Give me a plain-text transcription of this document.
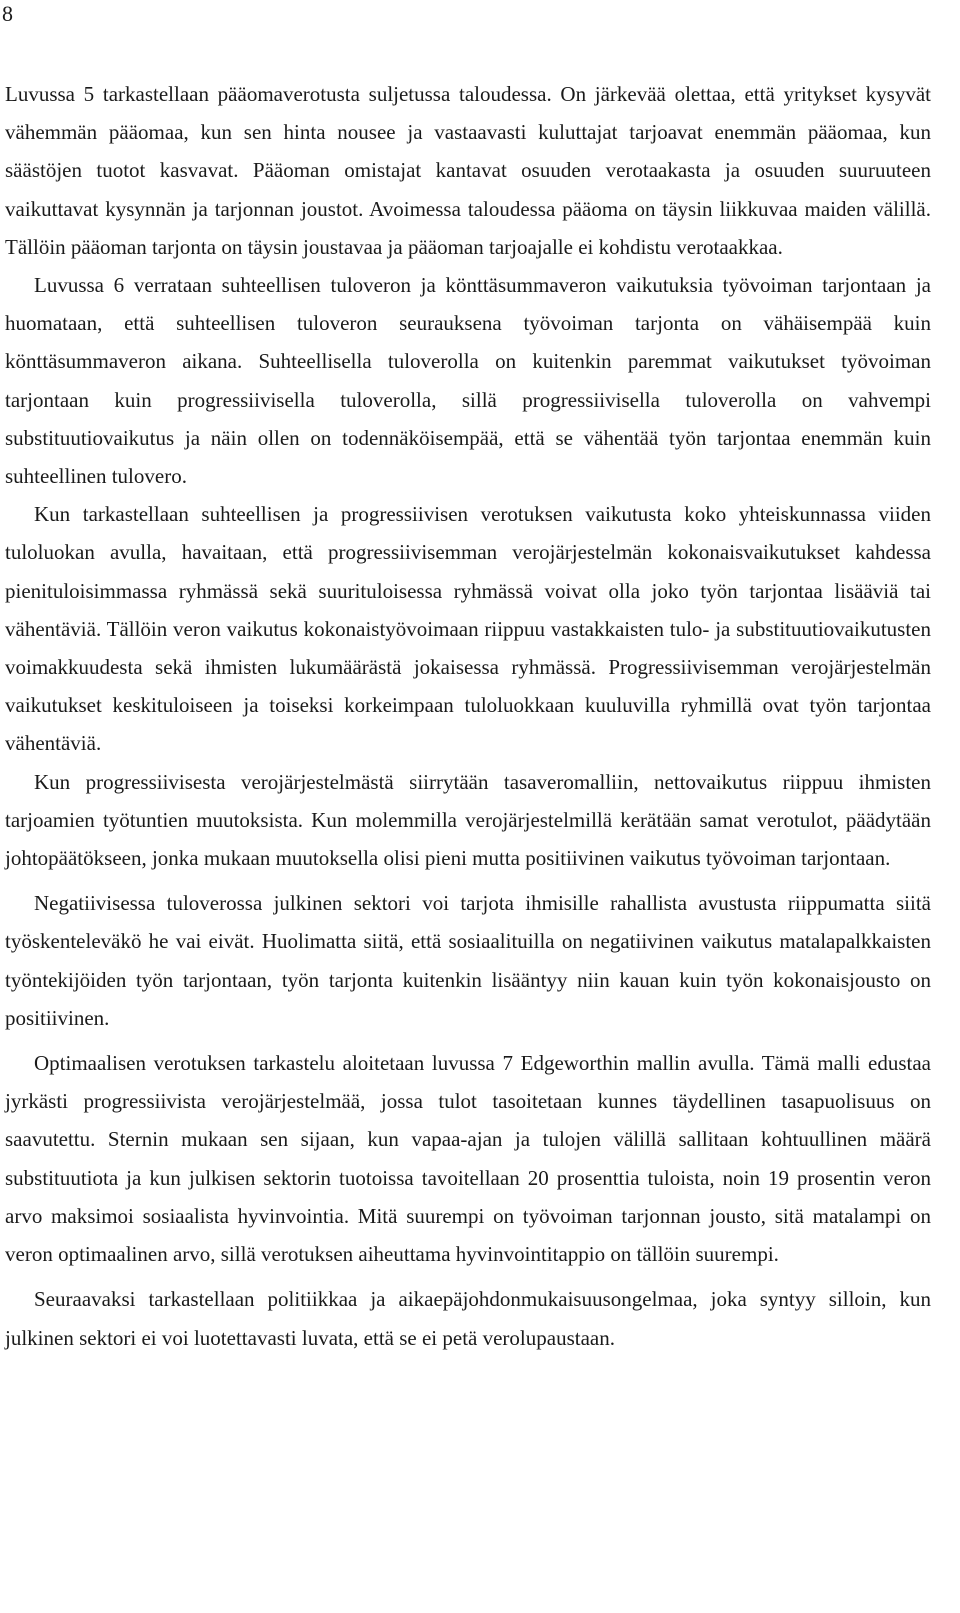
8

Luvussa 5 tarkastellaan pääomaverotusta suljetussa taloudessa. On järkevää olettaa, että yritykset kysyvät vähemmän pääomaa, kun sen hinta nousee ja vastaavasti kuluttajat tarjoavat enemmän pääomaa, kun säästöjen tuotot kasvavat. Pääoman omistajat kantavat osuuden verotaakasta ja osuuden suuruuteen vaikuttavat kysynnän ja tarjonnan joustot. Avoimessa taloudessa pääoma on täysin liikkuvaa maiden välillä. Tällöin pääoman tarjonta on täysin joustavaa ja pääoman tarjoajalle ei kohdistu verotaakkaa.

Luvussa 6 verrataan suhteellisen tuloveron ja könttäsummaveron vaikutuksia työvoiman tarjontaan ja huomataan, että suhteellisen tuloveron seurauksena työvoiman tarjonta on vähäisempää kuin könttäsummaveron aikana. Suhteellisella tuloverolla on kuitenkin paremmat vaikutukset työvoiman tarjontaan kuin progressiivisella tuloverolla, sillä progressiivisella tuloverolla on vahvempi substituutiovaikutus ja näin ollen on todennäköisempää, että se vähentää työn tarjontaa enemmän kuin suhteellinen tulovero.

Kun tarkastellaan suhteellisen ja progressiivisen verotuksen vaikutusta koko yhteiskunnassa viiden tuloluokan avulla, havaitaan, että progressiivisemman verojärjestelmän kokonaisvaikutukset kahdessa pienituloisimmassa ryhmässä sekä suurituloisessa ryhmässä voivat olla joko työn tarjontaa lisääviä tai vähentäviä. Tällöin veron vaikutus kokonaistyövoimaan riippuu vastakkaisten tulo- ja substituutiovaikutusten voimakkuudesta sekä ihmisten lukumäärästä jokaisessa ryhmässä. Progressiivisemman verojärjestelmän vaikutukset keskituloiseen ja toiseksi korkeimpaan tuloluokkaan kuuluvilla ryhmillä ovat työn tarjontaa vähentäviä.

Kun progressiivisesta verojärjestelmästä siirrytään tasaveromalliin, nettovaikutus riippuu ihmisten tarjoamien työtuntien muutoksista. Kun molemmilla verojärjestelmillä kerätään samat verotulot, päädytään johtopäätökseen, jonka mukaan muutoksella olisi pieni mutta positiivinen vaikutus työvoiman tarjontaan.

Negatiivisessa tuloverossa julkinen sektori voi tarjota ihmisille rahallista avustusta riippumatta siitä työskenteleväkö he vai eivät. Huolimatta siitä, että sosiaalituilla on negatiivinen vaikutus matalapalkkaisten työntekijöiden työn tarjontaan, työn tarjonta kuitenkin lisääntyy niin kauan kuin työn kokonaisjousto on positiivinen.

Optimaalisen verotuksen tarkastelu aloitetaan luvussa 7 Edgeworthin mallin avulla. Tämä malli edustaa jyrkästi progressiivista verojärjestelmää, jossa tulot tasoitetaan kunnes täydellinen tasapuolisuus on saavutettu. Sternin mukaan sen sijaan, kun vapaa-ajan ja tulojen välillä sallitaan kohtuullinen määrä substituutiota ja kun julkisen sektorin tuotoissa tavoitellaan 20 prosenttia tuloista, noin 19 prosentin veron arvo maksimoi sosiaalista hyvinvointia. Mitä suurempi on työvoiman tarjonnan jousto, sitä matalampi on veron optimaalinen arvo, sillä verotuksen aiheuttama hyvinvointitappio on tällöin suurempi.

Seuraavaksi tarkastellaan politiikkaa ja aikaepäjohdonmukaisuusongelmaa, joka syntyy silloin, kun julkinen sektori ei voi luotettavasti luvata, että se ei petä verolupaustaan.
